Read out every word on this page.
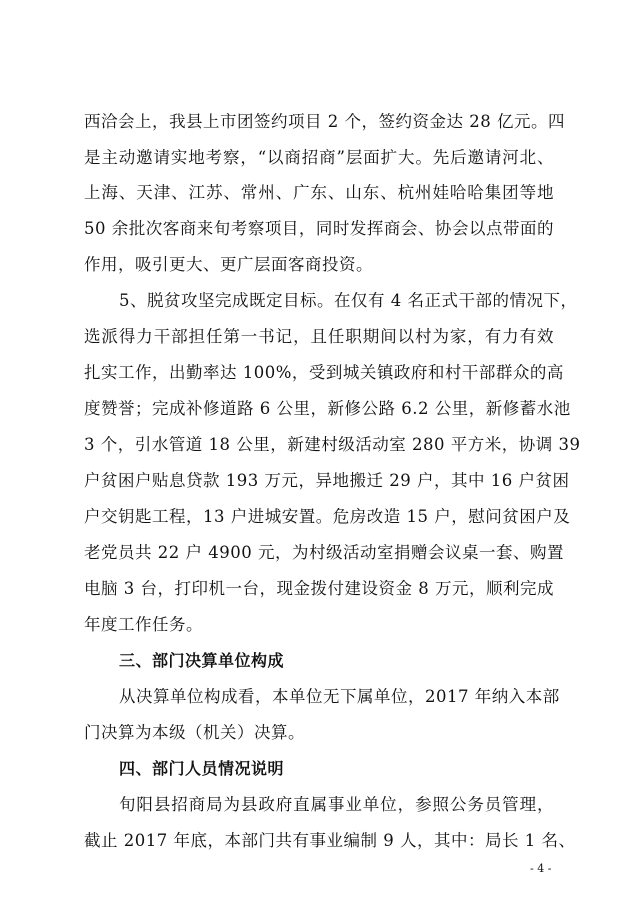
西洽会上，我县上市团签约项目 2 个，签约资金达 28 亿元。四
是主动邀请实地考察，“以商招商”层面扩大。先后邀请河北、
上海、天津、江苏、常州、广东、山东、杭州娃哈哈集团等地
50 余批次客商来旬考察项目，同时发挥商会、协会以点带面的
作用，吸引更大、更广层面客商投资。
5、脱贫攻坚完成既定目标。在仅有 4 名正式干部的情况下，
选派得力干部担任第一书记，且任职期间以村为家，有力有效
扎实工作，出勤率达 100%，受到城关镇政府和村干部群众的高
度赞誉；完成补修道路 6 公里，新修公路 6.2 公里，新修蓄水池
3 个，引水管道 18 公里，新建村级活动室 280 平方米，协调 39
户贫困户贴息贷款 193 万元，异地搬迁 29 户，其中 16 户贫困
户交钥匙工程，13 户进城安置。危房改造 15 户，慰问贫困户及
老党员共 22 户 4900 元，为村级活动室捐赠会议桌一套、购置
电脑 3 台，打印机一台，现金拨付建设资金 8 万元，顺利完成
年度工作任务。
三、部门决算单位构成
从决算单位构成看，本单位无下属单位，2017 年纳入本部
门决算为本级（机关）决算。
四、部门人员情况说明
旬阳县招商局为县政府直属事业单位，参照公务员管理，
截止 2017 年底，本部门共有事业编制 9 人，其中：局长 1 名、
- 4 -
